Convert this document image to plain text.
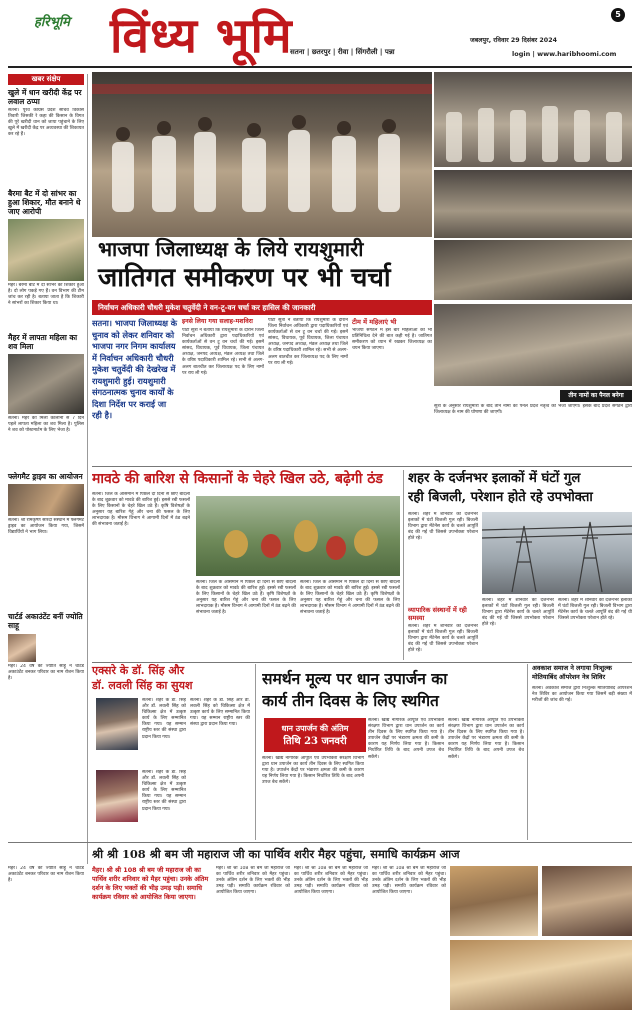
हरिभूमि विंध्य भूमि
सतना | छतरपुर | रीवा | सिंगरौली | पन्ना
जबलपुर, रविवार 29 दिसंबर 2024
login | www.haribhoomi.com
5
खबर संक्षेप
खुले में धान खरीदी केंद्र पर लवाल ठप्पा
सतना। पूरव कांग्रेस प्रदेश सचिव विकास तिवारी जिसकी रे कहा की किसान के विगत की पूरे खरीदी धान को जाया पहुंचाने के लिए खुले में खरीदी केंद्र पर अव्यवस्था की शिकायत कर रहे हैं।
बैरमा बैट में दो सांभर का हुआ शिकार, मौत बनाने थे जाए आरोपी
मैहर। बैरमा बीट में दो सांभर का शिकार हुआ है। दो लोग पकड़े गए हैं। वन विभाग की टीम जांच कर रही है। बताया जाता है कि शिकारी ने सांभरों का शिकार किया था।
मैहर में लापता महिला का शव मिला
सतना। मैहर की मिली कॉलोनी से 7 दिन पहले लापता महिला का शव मिला है। पुलिस ने शव को पोस्टमार्टम के लिए भेजा है।
फ्लेगमैट ड्राइव का आयोजन
सतना। श्री रामकृष्ण सारदा संस्थान में फ्लेगमैट ड्राइव का आयोजन किया गया, जिसमें विद्यार्थियों ने भाग लिया।
चार्टर्ड अकाउंटेंट बनीं ज्योति साहू
मैहर। 24 वर्ष की ज्योति साहू ने चार्टर्ड अकाउंटेंट बनकर परिवार का नाम रोशन किया है।
भाजपा जिलाध्यक्ष के लिये रायशुमारी
जातिगत समीकरण पर भी चर्चा
निर्वाचन अधिकारी चौधरी मुकेश चतुर्वेदी ने वन-टू-वन चर्चा कर हासिल की जानकारी
सतना। भाजपा जिलाध्यक्ष के चुनाव को लेकर शनिवार को भाजपा नगर निगम कार्यालय में निर्वाचन अधिकारी चौधरी मुकेश चतुर्वेदी की देखरेख में रायशुमारी हुई। रायशुमारी संगठनात्मक चुनाव कार्यों के दिशा निर्देश पर कराई जा रही है।
इनसे लिया गया सलाह-मशविरा
पार्टी सूत्रों ने बताया कि रायशुमारी के दौरान जिला निर्वाचन अधिकारी द्वारा पदाधिकारियों एवं कार्यकर्ताओं से वन टू वन चर्चा की गई। इसमें सांसद, विधायक, पूर्व विधायक, जिला पंचायत अध्यक्ष, जनपद अध्यक्ष, मंडल अध्यक्ष तथा जिले के वरिष्ठ पदाधिकारी शामिल रहे। सभी से अलग-अलग बातचीत कर जिलाध्यक्ष पद के लिए नामों पर राय ली गई।
पार्टी सूत्रों ने बताया कि रायशुमारी के दौरान जिला निर्वाचन अधिकारी द्वारा पदाधिकारियों एवं कार्यकर्ताओं से वन टू वन चर्चा की गई। इसमें सांसद, विधायक, पूर्व विधायक, जिला पंचायत अध्यक्ष, जनपद अध्यक्ष, मंडल अध्यक्ष तथा जिले के वरिष्ठ पदाधिकारी शामिल रहे। सभी से अलग-अलग बातचीत कर जिलाध्यक्ष पद के लिए नामों पर राय ली गई।
टीम में महिलाएं भी
भाजपा संगठन में इस बार महिलाओं को भी प्रतिनिधित्व देने की बात कही गई है। जातिगत समीकरण को ध्यान में रखकर जिलाध्यक्ष का चयन किया जाएगा।
तीन नामों का पैनल बनेगा
सूत्रों के अनुसार रायशुमारी के बाद तीन नामों का पैनल प्रदेश नेतृत्व को भेजा जाएगा। इसके बाद प्रदेश संगठन द्वारा जिलाध्यक्ष के नाम की घोषणा की जाएगी।
मावठे की बारिश से किसानों के चेहरे खिल उठे, बढ़ेगी ठंड
सतना। जिले के आसमान में पिछले दो दिनों से छाए बादलों के बाद शुक्रवार को मावठे की बारिश हुई। इससे रबी फसलों के लिए किसानों के चेहरे खिल उठे हैं। कृषि विशेषज्ञों के अनुसार यह बारिश गेहूं और चना की फसल के लिए लाभदायक है। मौसम विभाग ने आगामी दिनों में ठंड बढ़ने की संभावना जताई है।
सतना। जिले के आसमान में पिछले दो दिनों से छाए बादलों के बाद शुक्रवार को मावठे की बारिश हुई। इससे रबी फसलों के लिए किसानों के चेहरे खिल उठे हैं। कृषि विशेषज्ञों के अनुसार यह बारिश गेहूं और चना की फसल के लिए लाभदायक है। मौसम विभाग ने आगामी दिनों में ठंड बढ़ने की संभावना जताई है।
सतना। जिले के आसमान में पिछले दो दिनों से छाए बादलों के बाद शुक्रवार को मावठे की बारिश हुई। इससे रबी फसलों के लिए किसानों के चेहरे खिल उठे हैं। कृषि विशेषज्ञों के अनुसार यह बारिश गेहूं और चना की फसल के लिए लाभदायक है। मौसम विभाग ने आगामी दिनों में ठंड बढ़ने की संभावना जताई है।
शहर के दर्जनभर इलाकों में घंटों गुल
रही बिजली, परेशान होते रहे उपभोक्ता
सतना। शहर में शनिवार को दर्जनभर इलाकों में घंटों बिजली गुल रही। बिजली विभाग द्वारा मेंटेनेंस कार्य के चलते आपूर्ति बंद की गई थी जिससे उपभोक्ता परेशान होते रहे।
व्यापारिक संस्थानों में रही समस्या
सतना। शहर में शनिवार को दर्जनभर इलाकों में घंटों बिजली गुल रही। बिजली विभाग द्वारा मेंटेनेंस कार्य के चलते आपूर्ति बंद की गई थी जिससे उपभोक्ता परेशान होते रहे।
सतना। शहर में शनिवार को दर्जनभर इलाकों में घंटों बिजली गुल रही। बिजली विभाग द्वारा मेंटेनेंस कार्य के चलते आपूर्ति बंद की गई थी जिससे उपभोक्ता परेशान होते रहे।
सतना। शहर में शनिवार को दर्जनभर इलाकों में घंटों बिजली गुल रही। बिजली विभाग द्वारा मेंटेनेंस कार्य के चलते आपूर्ति बंद की गई थी जिससे उपभोक्ता परेशान होते रहे।
एक्सरे के डॉ. सिंह और
डॉ. लवली सिंह का सुयश
सतना। शहर के डॉ. सिंह और डॉ. लवली सिंह को चिकित्सा क्षेत्र में उत्कृष्ट कार्य के लिए सम्मानित किया गया। यह सम्मान राष्ट्रीय स्तर की संस्था द्वारा प्रदान किया गया।
सतना। शहर के डॉ. सिंह और डॉ. लवली सिंह को चिकित्सा क्षेत्र में उत्कृष्ट कार्य के लिए सम्मानित किया गया। यह सम्मान राष्ट्रीय स्तर की संस्था द्वारा प्रदान किया गया।
सतना। शहर के डॉ. सिंह और डॉ. लवली सिंह को चिकित्सा क्षेत्र में उत्कृष्ट कार्य के लिए सम्मानित किया गया। यह सम्मान राष्ट्रीय स्तर की संस्था द्वारा प्रदान किया गया।
समर्थन मूल्य पर धान उपार्जन का
कार्य तीन दिवस के लिए स्थगित
धान उपार्जन की अंतिम
तिथि 23 जनवरी
सतना। खाद्य नागरिक आपूर्ति एवं उपभोक्ता संरक्षण विभाग द्वारा धान उपार्जन का कार्य तीन दिवस के लिए स्थगित किया गया है। उपार्जन केंद्रों पर भंडारण क्षमता की कमी के कारण यह निर्णय लिया गया है। किसान निर्धारित तिथि के बाद अपनी उपज बेच सकेंगे।
सतना। खाद्य नागरिक आपूर्ति एवं उपभोक्ता संरक्षण विभाग द्वारा धान उपार्जन का कार्य तीन दिवस के लिए स्थगित किया गया है। उपार्जन केंद्रों पर भंडारण क्षमता की कमी के कारण यह निर्णय लिया गया है। किसान निर्धारित तिथि के बाद अपनी उपज बेच सकेंगे।
सतना। खाद्य नागरिक आपूर्ति एवं उपभोक्ता संरक्षण विभाग द्वारा धान उपार्जन का कार्य तीन दिवस के लिए स्थगित किया गया है। उपार्जन केंद्रों पर भंडारण क्षमता की कमी के कारण यह निर्णय लिया गया है। किसान निर्धारित तिथि के बाद अपनी उपज बेच सकेंगे।
अवकाश समाज ने लगाया निःशुल्क
मोतियाबिंद ऑपरेशन नेत्र शिविर
सतना। अवकाश समाज द्वारा निःशुल्क मोतियाबिंद ऑपरेशन नेत्र शिविर का आयोजन किया गया जिसमें बड़ी संख्या में मरीजों की जांच की गई।
श्री श्री 108 श्री बम जी महाराज जी का पार्थिव शरीर मैहर पहुंचा, समाधि कार्यक्रम आज
मैहर। श्री श्री 108 श्री बम जी महाराज जी का पार्थिव शरीर शनिवार को मैहर पहुंचा। उनके अंतिम दर्शन के लिए भक्तों की भीड़ उमड़ पड़ी। समाधि कार्यक्रम रविवार को आयोजित किया जाएगा।
मैहर। श्री श्री 108 श्री बम जी महाराज जी का पार्थिव शरीर शनिवार को मैहर पहुंचा। उनके अंतिम दर्शन के लिए भक्तों की भीड़ उमड़ पड़ी। समाधि कार्यक्रम रविवार को आयोजित किया जाएगा।
मैहर। श्री श्री 108 श्री बम जी महाराज जी का पार्थिव शरीर शनिवार को मैहर पहुंचा। उनके अंतिम दर्शन के लिए भक्तों की भीड़ उमड़ पड़ी। समाधि कार्यक्रम रविवार को आयोजित किया जाएगा।
मैहर। श्री श्री 108 श्री बम जी महाराज जी का पार्थिव शरीर शनिवार को मैहर पहुंचा। उनके अंतिम दर्शन के लिए भक्तों की भीड़ उमड़ पड़ी। समाधि कार्यक्रम रविवार को आयोजित किया जाएगा।
मैहर। 24 वर्ष की ज्योति साहू ने चार्टर्ड अकाउंटेंट बनकर परिवार का नाम रोशन किया है।
